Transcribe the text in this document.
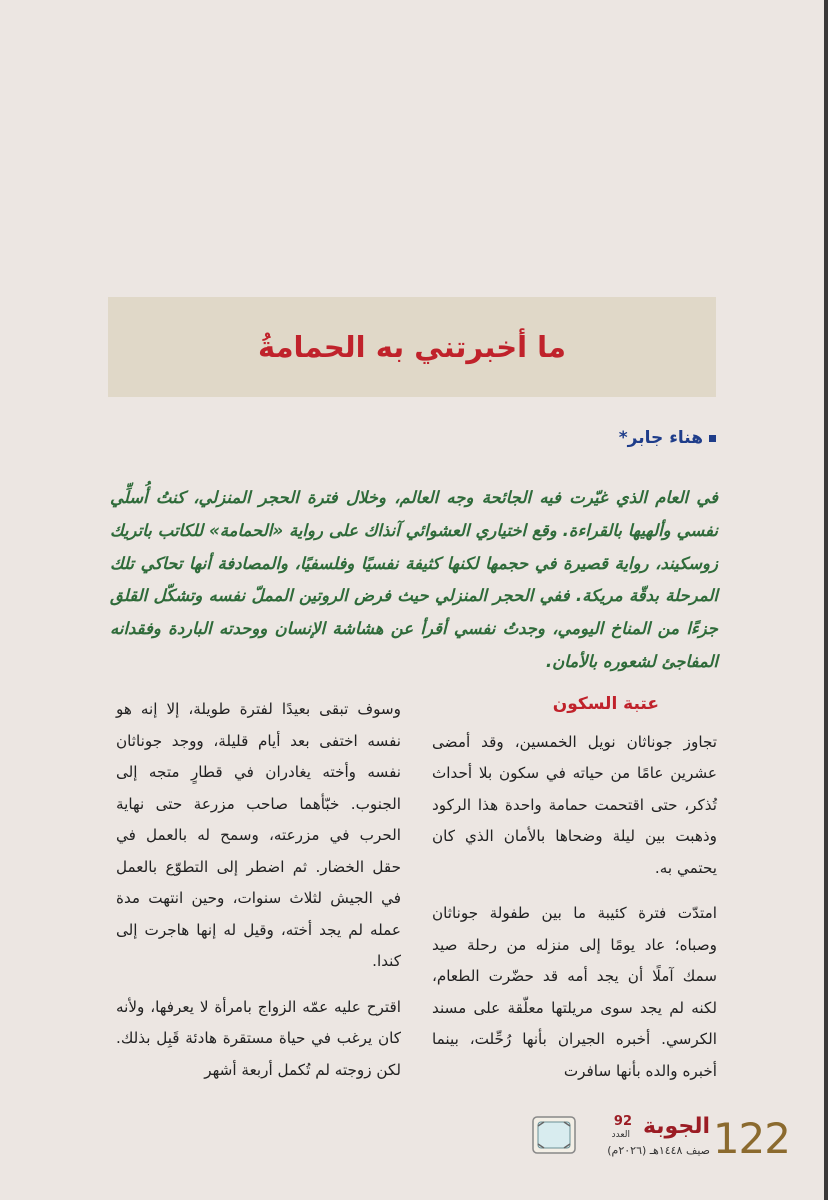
ما أخبرتني به الحمامةُ
هناء جابر*
في العام الذي غيّرت فيه الجائحة وجه العالم، وخلال فترة الحجر المنزلي، كنتُ أُسلِّي نفسي وألهيها بالقراءة. وقع اختياري العشوائي آنذاك على رواية «الحمامة» للكاتب باتريك زوسكيند، رواية قصيرة في حجمها لكنها كثيفة نفسيًا وفلسفيًا، والمصادفة أنها تحاكي تلك المرحلة بدقّة مريكة. ففي الحجر المنزلي حيث فرض الروتين المملّ نفسه وتشكّل القلق جزءًا من المناخ اليومي، وجدتُ نفسي أقرأ عن هشاشة الإنسان ووحدته الباردة وفقدانه المفاجئ لشعوره بالأمان.
عتبة السكون

تجاوز جوناثان نويل الخمسين، وقد أمضى عشرين عامًا من حياته في سكون بلا أحداث تُذكر، حتى اقتحمت حمامة واحدة هذا الركود وذهبت بين ليلة وضحاها بالأمان الذي كان يحتمي به.

امتدّت فترة كئيبة ما بين طفولة جوناثان وصباه؛ عاد يومًا إلى منزله من رحلة صيد سمك آملًا أن يجد أمه قد حضّرت الطعام، لكنه لم يجد سوى مريلتها معلّقة على مسند الكرسي. أخبره الجيران بأنها رُحِّلت، بينما أخبره والده بأنها سافرت

وسوف تبقى بعيدًا لفترة طويلة، إلا إنه هو نفسه اختفى بعد أيام قليلة، ووجد جوناثان نفسه وأخته يغادران في قطارٍ متجه إلى الجنوب. خبّأهما صاحب مزرعة حتى نهاية الحرب في مزرعته، وسمح له بالعمل في حقل الخضار. ثم اضطر إلى التطوّع بالعمل في الجيش لثلاث سنوات، وحين انتهت مدة عمله لم يجد أخته، وقيل له إنها هاجرت إلى كندا.

اقترح عليه عمّه الزواج بامرأة لا يعرفها، ولأنه كان يرغب في حياة مستقرة هادئة قَبِل بذلك. لكن زوجته لم تُكمل أربعة أشهر

122
الجوبة
92
العدد
صيف ١٤٤٨هـ (٢٠٢٦م)
